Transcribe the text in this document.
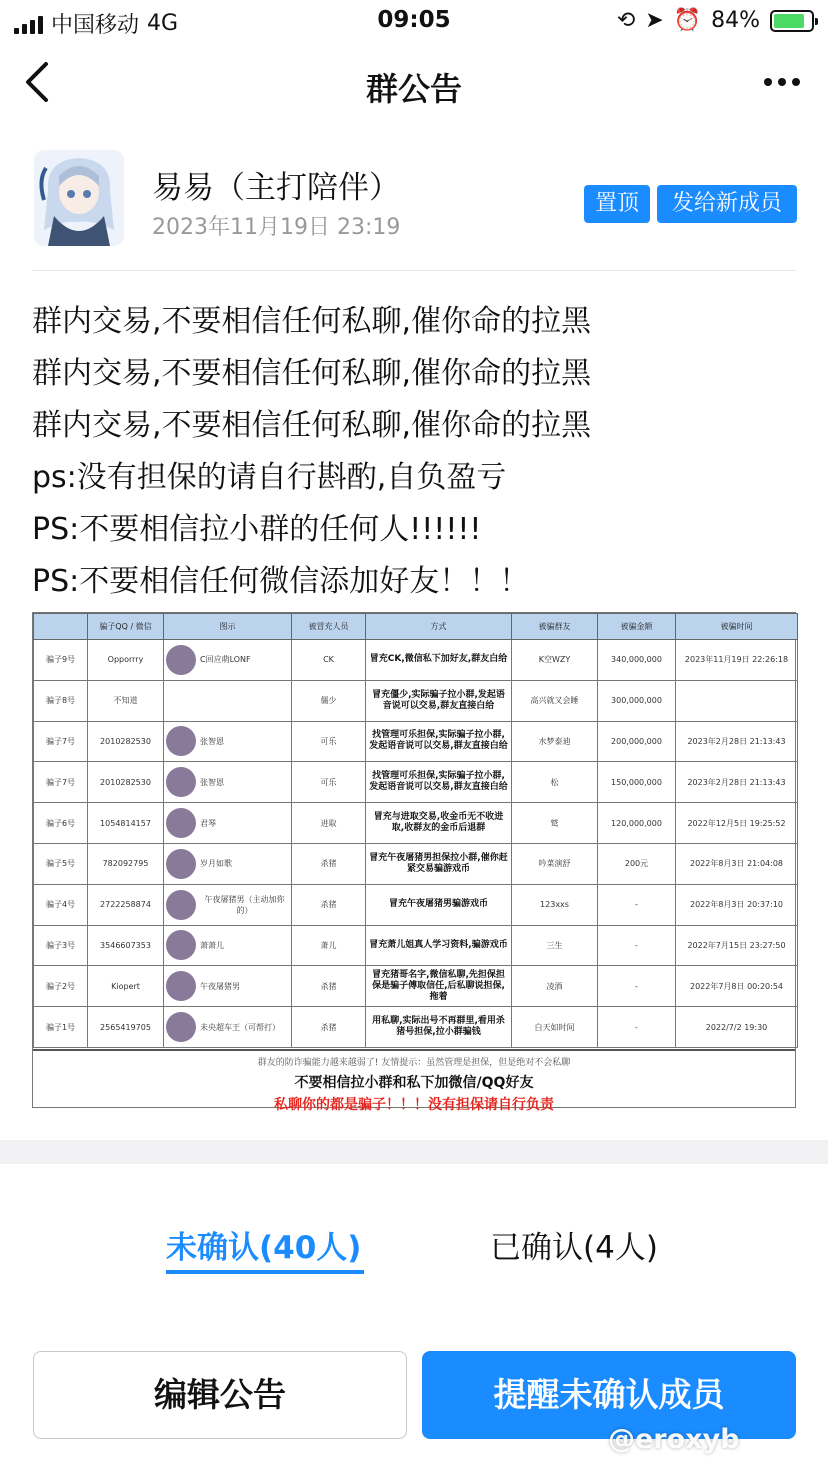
中国移动 4G	09:05	⟲ ➤ ⏰ 84%
群公告
易易（主打陪伴）
2023年11月19日 23:19
置顶	发给新成员

群内交易,不要相信任何私聊,催你命的拉黑

群内交易,不要相信任何私聊,催你命的拉黑

群内交易,不要相信任何私聊,催你命的拉黑

ps:没有担保的请自行斟酌,自负盈亏

PS:不要相信拉小群的任何人!!!!!!

PS:不要相信任何微信添加好友！！！

	骗子QQ / 微信	图示	被冒充人员	方式	被骗群友	被骗金额	被骗时间
骗子9号	Opporrry	C回应萌LONF	CK	冒充CK,微信私下加好友,群友白给	K空WZY	340,000,000	2023年11月19日 22:26:18
骗子8号	不知道		僵少	冒充僵少,实际骗子拉小群,发起语音说可以交易,群友直接白给	高兴就又会睡	300,000,000	
骗子7号	2010282530	张智恩	可乐	找管理可乐担保,实际骗子拉小群,发起语音说可以交易,群友直接白给	水梦泰迪	200,000,000	2023年2月28日 21:13:43
骗子7号	2010282530	张智恩	可乐	找管理可乐担保,实际骗子拉小群,发起语音说可以交易,群友直接白给	松	150,000,000	2023年2月28日 21:13:43
骗子6号	1054814157	君琴	进取	冒充与进取交易,收金币无不收进取,收群友的金币后退群	鹫	120,000,000	2022年12月5日 19:25:52
骗子5号	782092795	岁月如歌	杀猪	冒充午夜屠猪男担保拉小群,催你赶紧交易骗游戏币	吟菜演舒	200元	2022年8月3日 21:04:08
骗子4号	2722258874	午夜屠猪男（主动加你的）	杀猪	冒充午夜屠猪男骗游戏币	123xxs	-	2022年8月3日 20:37:10
骗子3号	3546607353	萧萧儿	萧儿	冒充萧儿姐真人学习资料,骗游戏币	三生	-	2022年7月15日 23:27:50
骗子2号	Kiopert	午夜屠猪男	杀猪	冒充猪哥名字,微信私聊,先担保担保是骗子傅取信任,后私聊说担保,拖着	凌酒	-	2022年7月8日 00:20:54
骗子1号	2565419705	未央超车王（可帮打）	杀猪	用私聊,实际出号不再群里,看用杀猪号担保,拉小群骗钱	白天如时间	-	2022/7/2 19:30
群友的防诈骗能力越来越弱了! 友情提示：虽然管理是担保，但是绝对不会私聊
不要相信拉小群和私下加微信/QQ好友
私聊你的都是骗子！！！没有担保请自行负责
未确认(40人)	已确认(4人)
编辑公告	提醒未确认成员
@eroxyb
